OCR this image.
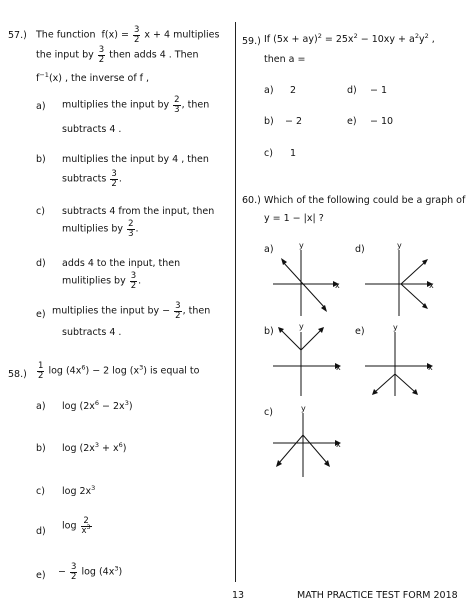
57.) The function $f(x) = \frac{3}{2}$ x + 4 multiplies
the input by $\frac{3}{2}$ then adds 4 . Then
$f^{-1}(x)$ , the inverse of f ,
a) multiplies the input by $\frac{2}{3}$ , then
subtracts 4 .
b) multiplies the input by 4 , then
subtracts $\frac{3}{2}$ .
c) subtracts 4 from the input, then
multiplies by $\frac{2}{3}$ .
d) adds 4 to the input, then
mulitiplies by $\frac{3}{2}$ .
e) multiplies the input by − $\frac{3}{2}$ , then
subtracts 4 .
$58.) \frac{1}{2}$ $\log (4x^6) - 2$ $\log (x^3)$ is equal to
a) $\log (2x^6 - 2x^3)$
b) $\log (2x^3 + x^6)$
c) $\log 2x^3$
d) $\log \frac{2}{x^3}$
$e) - \frac{3}{2}$ $\log (4x^3)$
59.) If $(5x + ay)^2 = 25x^2 - 10xy + a^2y^2$ ,
then a =
a) 2	d) − 1
b) − 2	e) − 10
c) 1
60.) Which of the following could be a graph of
y = 1 − |x| ?
a)	d)
b)	e)
c)
y
x
y
x
y
x
y
x
y
x
13	MATH PRACTICE TEST FORM 2018
